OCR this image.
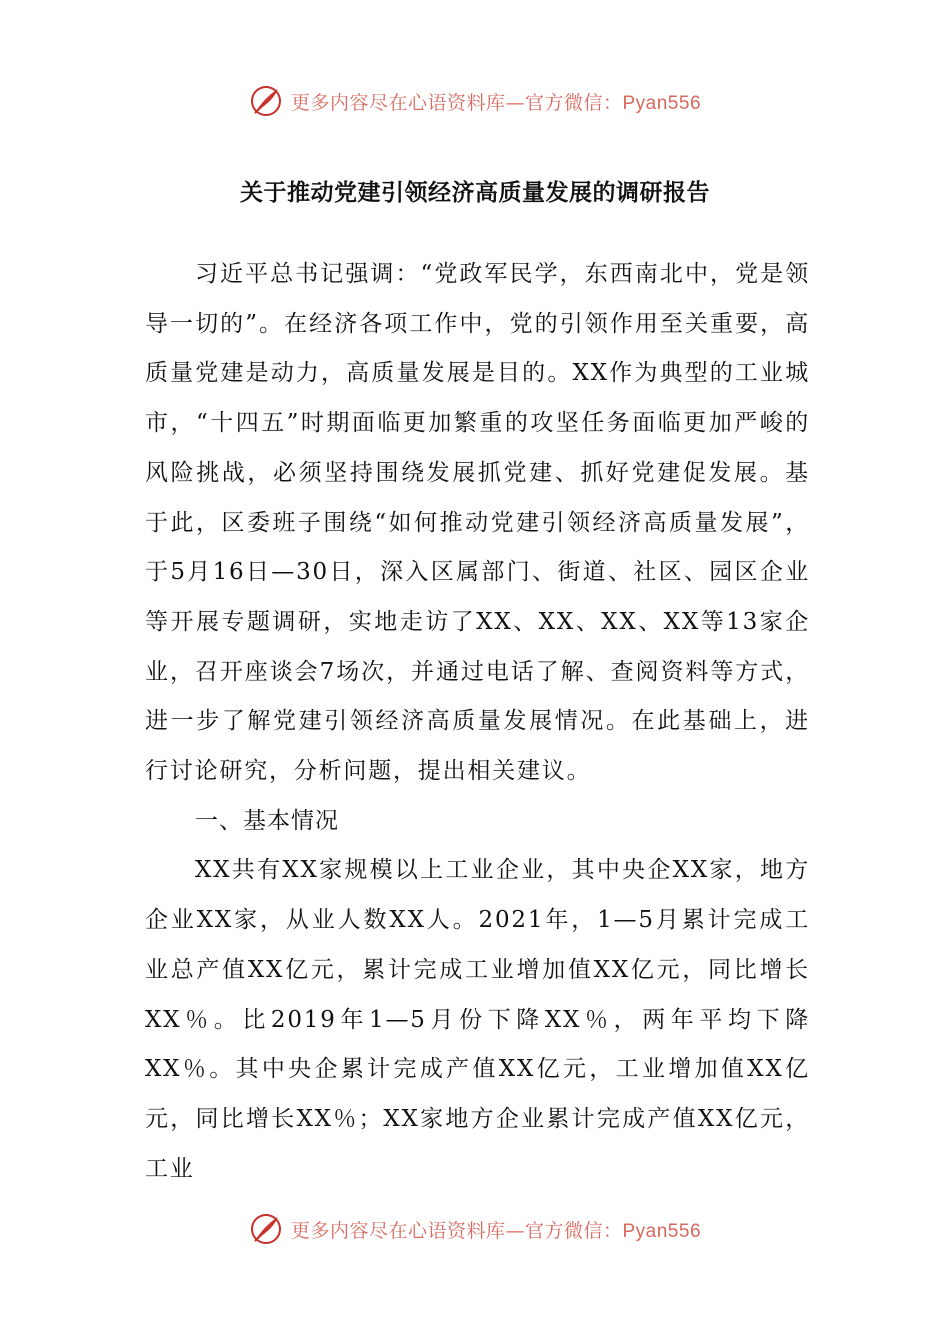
更多内容尽在心语资料库—官方微信：Pyan556
关于推动党建引领经济高质量发展的调研报告

习近平总书记强调：“党政军民学，东西南北中，党是领导一切的”。在经济各项工作中，党的引领作用至关重要，高质量党建是动力，高质量发展是目的。XX作为典型的工业城市，“十四五”时期面临更加繁重的攻坚任务面临更加严峻的风险挑战，必须坚持围绕发展抓党建、抓好党建促发展。基于此，区委班子围绕“如何推动党建引领经济高质量发展”，于5月16日—30日，深入区属部门、街道、社区、园区企业等开展专题调研，实地走访了XX、XX、XX、XX等13家企业，召开座谈会7场次，并通过电话了解、查阅资料等方式，进一步了解党建引领经济高质量发展情况。在此基础上，进行讨论研究，分析问题，提出相关建议。

一、基本情况

XX共有XX家规模以上工业企业，其中央企XX家，地方企业XX家，从业人数XX人。2021年，1—5月累计完成工业总产值XX亿元，累计完成工业增加值XX亿元，同比增长XX％。比2019年1—5月份下降XX％，两年平均下降XX％。其中央企累计完成产值XX亿元，工业增加值XX亿元，同比增长XX％；XX家地方企业累计完成产值XX亿元，工业

更多内容尽在心语资料库—官方微信：Pyan556
